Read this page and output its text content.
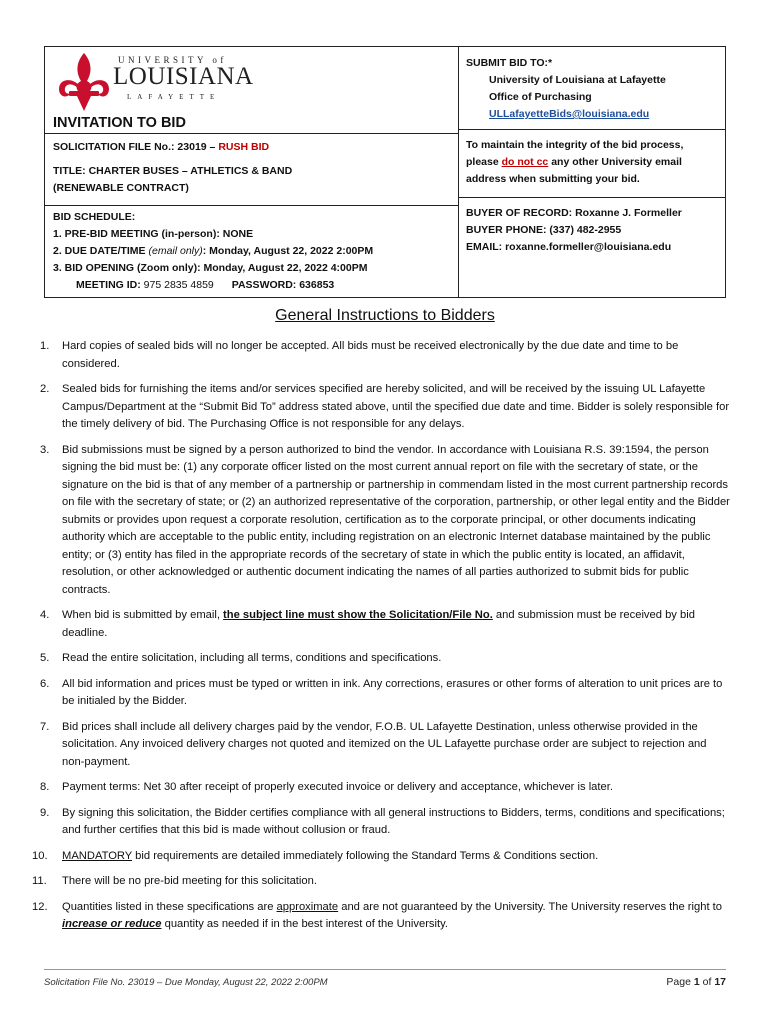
UNIVERSITY of
LOUISIANA
LAFAYETTE
INVITATION TO BID
SOLICITATION FILE No.: 23019 – RUSH BID
TITLE: CHARTER BUSES – ATHLETICS & BAND
(RENEWABLE CONTRACT)
BID SCHEDULE:
1. PRE-BID MEETING (in-person): NONE
2. DUE DATE/TIME (email only): Monday, August 22, 2022 2:00PM
3. BID OPENING (Zoom only): Monday, August 22, 2022 4:00PM
MEETING ID: 975 2835 4859 PASSWORD: 636853
SUBMIT BID TO:*
University of Louisiana at Lafayette
Office of Purchasing
ULLafayetteBids@louisiana.edu
To maintain the integrity of the bid process,
please do not cc any other University email
address when submitting your bid.
BUYER OF RECORD: Roxanne J. Formeller
BUYER PHONE: (337) 482-2955
EMAIL: roxanne.formeller@louisiana.edu
General Instructions to Bidders
1.	Hard copies of sealed bids will no longer be accepted. All bids must be received electronically by the due date and time to be considered.
2.	Sealed bids for furnishing the items and/or services specified are hereby solicited, and will be received by the issuing UL Lafayette Campus/Department at the “Submit Bid To” address stated above, until the specified due date and time. Bidder is solely responsible for the timely delivery of bid. The Purchasing Office is not responsible for any delays.
3.	Bid submissions must be signed by a person authorized to bind the vendor. In accordance with Louisiana R.S. 39:1594, the person signing the bid must be: (1) any corporate officer listed on the most current annual report on file with the secretary of state, or the signature on the bid is that of any member of a partnership or partnership in commendam listed in the most current partnership records on file with the secretary of state; or (2) an authorized representative of the corporation, partnership, or other legal entity and the Bidder submits or provides upon request a corporate resolution, certification as to the corporate principal, or other documents indicating authority which are acceptable to the public entity, including registration on an electronic Internet database maintained by the public entity; or (3) entity has filed in the appropriate records of the secretary of state in which the public entity is located, an affidavit, resolution, or other acknowledged or authentic document indicating the names of all parties authorized to submit bids for public contracts.
4.	When bid is submitted by email, the subject line must show the Solicitation/File No. and submission must be received by bid deadline.
5.	Read the entire solicitation, including all terms, conditions and specifications.
6.	All bid information and prices must be typed or written in ink. Any corrections, erasures or other forms of alteration to unit prices are to be initialed by the Bidder.
7.	Bid prices shall include all delivery charges paid by the vendor, F.O.B. UL Lafayette Destination, unless otherwise provided in the solicitation. Any invoiced delivery charges not quoted and itemized on the UL Lafayette purchase order are subject to rejection and non-payment.
8.	Payment terms: Net 30 after receipt of properly executed invoice or delivery and acceptance, whichever is later.
9.	By signing this solicitation, the Bidder certifies compliance with all general instructions to Bidders, terms, conditions and specifications; and further certifies that this bid is made without collusion or fraud.
10. MANDATORY bid requirements are detailed immediately following the Standard Terms & Conditions section.
11. There will be no pre-bid meeting for this solicitation.
12. Quantities listed in these specifications are approximate and are not guaranteed by the University. The University reserves the right to increase or reduce quantity as needed if in the best interest of the University.
Solicitation File No. 23019 – Due Monday, August 22, 2022 2:00PM	Page 1 of 17
